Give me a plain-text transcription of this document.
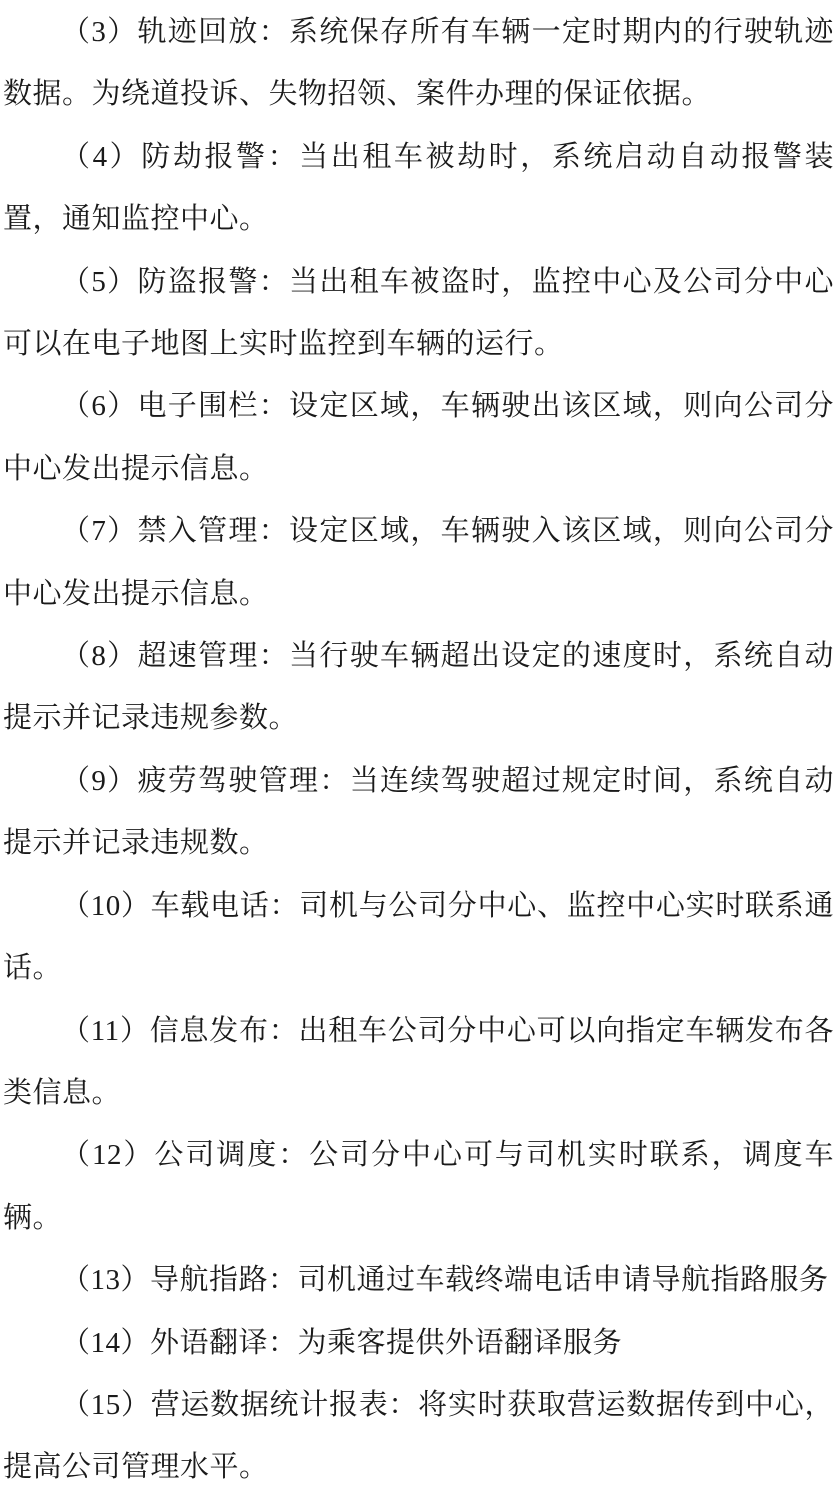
（3）轨迹回放：系统保存所有车辆一定时期内的行驶轨迹数据。为绕道投诉、失物招领、案件办理的保证依据。

（4）防劫报警：当出租车被劫时，系统启动自动报警装置，通知监控中心。

（5）防盗报警：当出租车被盗时，监控中心及公司分中心可以在电子地图上实时监控到车辆的运行。

（6）电子围栏：设定区域，车辆驶出该区域，则向公司分中心发出提示信息。

（7）禁入管理：设定区域，车辆驶入该区域，则向公司分中心发出提示信息。

（8）超速管理：当行驶车辆超出设定的速度时，系统自动提示并记录违规参数。

（9）疲劳驾驶管理：当连续驾驶超过规定时间，系统自动提示并记录违规数。

（10）车载电话：司机与公司分中心、监控中心实时联系通话。

（11）信息发布：出租车公司分中心可以向指定车辆发布各类信息。

（12）公司调度：公司分中心可与司机实时联系，调度车辆。

（13）导航指路：司机通过车载终端电话申请导航指路服务

（14）外语翻译：为乘客提供外语翻译服务

（15）营运数据统计报表：将实时获取营运数据传到中心，提高公司管理水平。
